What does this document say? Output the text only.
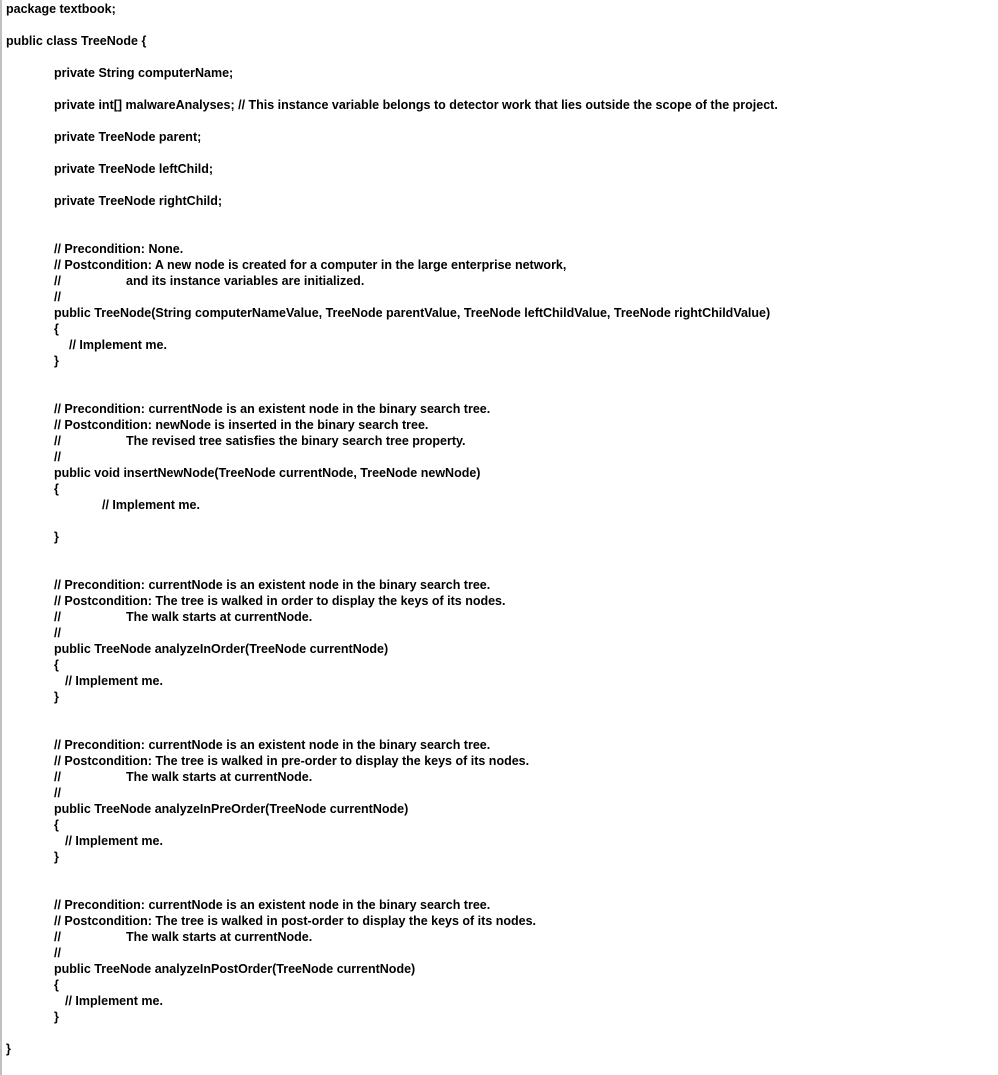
package textbook;
public class TreeNode {
private String computerName;
private int[] malwareAnalyses; // This instance variable belongs to detector work that lies outside the scope of the project.
private TreeNode parent;
private TreeNode leftChild;
private TreeNode rightChild;
// Precondition: None.
// Postcondition: A new node is created for a computer in the large enterprise network,
//	and its instance variables are initialized.
//
public TreeNode(String computerNameValue, TreeNode parentValue, TreeNode leftChildValue, TreeNode rightChildValue)
{
// Implement me.
}
// Precondition: currentNode is an existent node in the binary search tree.
// Postcondition: newNode is inserted in the binary search tree.
//	The revised tree satisfies the binary search tree property.
//
public void insertNewNode(TreeNode currentNode, TreeNode newNode)
{
// Implement me.
}
// Precondition: currentNode is an existent node in the binary search tree.
// Postcondition: The tree is walked in order to display the keys of its nodes.
//	The walk starts at currentNode.
//
public TreeNode analyzeInOrder(TreeNode currentNode)
{
// Implement me.
}
// Precondition: currentNode is an existent node in the binary search tree.
// Postcondition: The tree is walked in pre-order to display the keys of its nodes.
//	The walk starts at currentNode.
//
public TreeNode analyzeInPreOrder(TreeNode currentNode)
{
// Implement me.
}
// Precondition: currentNode is an existent node in the binary search tree.
// Postcondition: The tree is walked in post-order to display the keys of its nodes.
//	The walk starts at currentNode.
//
public TreeNode analyzeInPostOrder(TreeNode currentNode)
{
// Implement me.
}
}
